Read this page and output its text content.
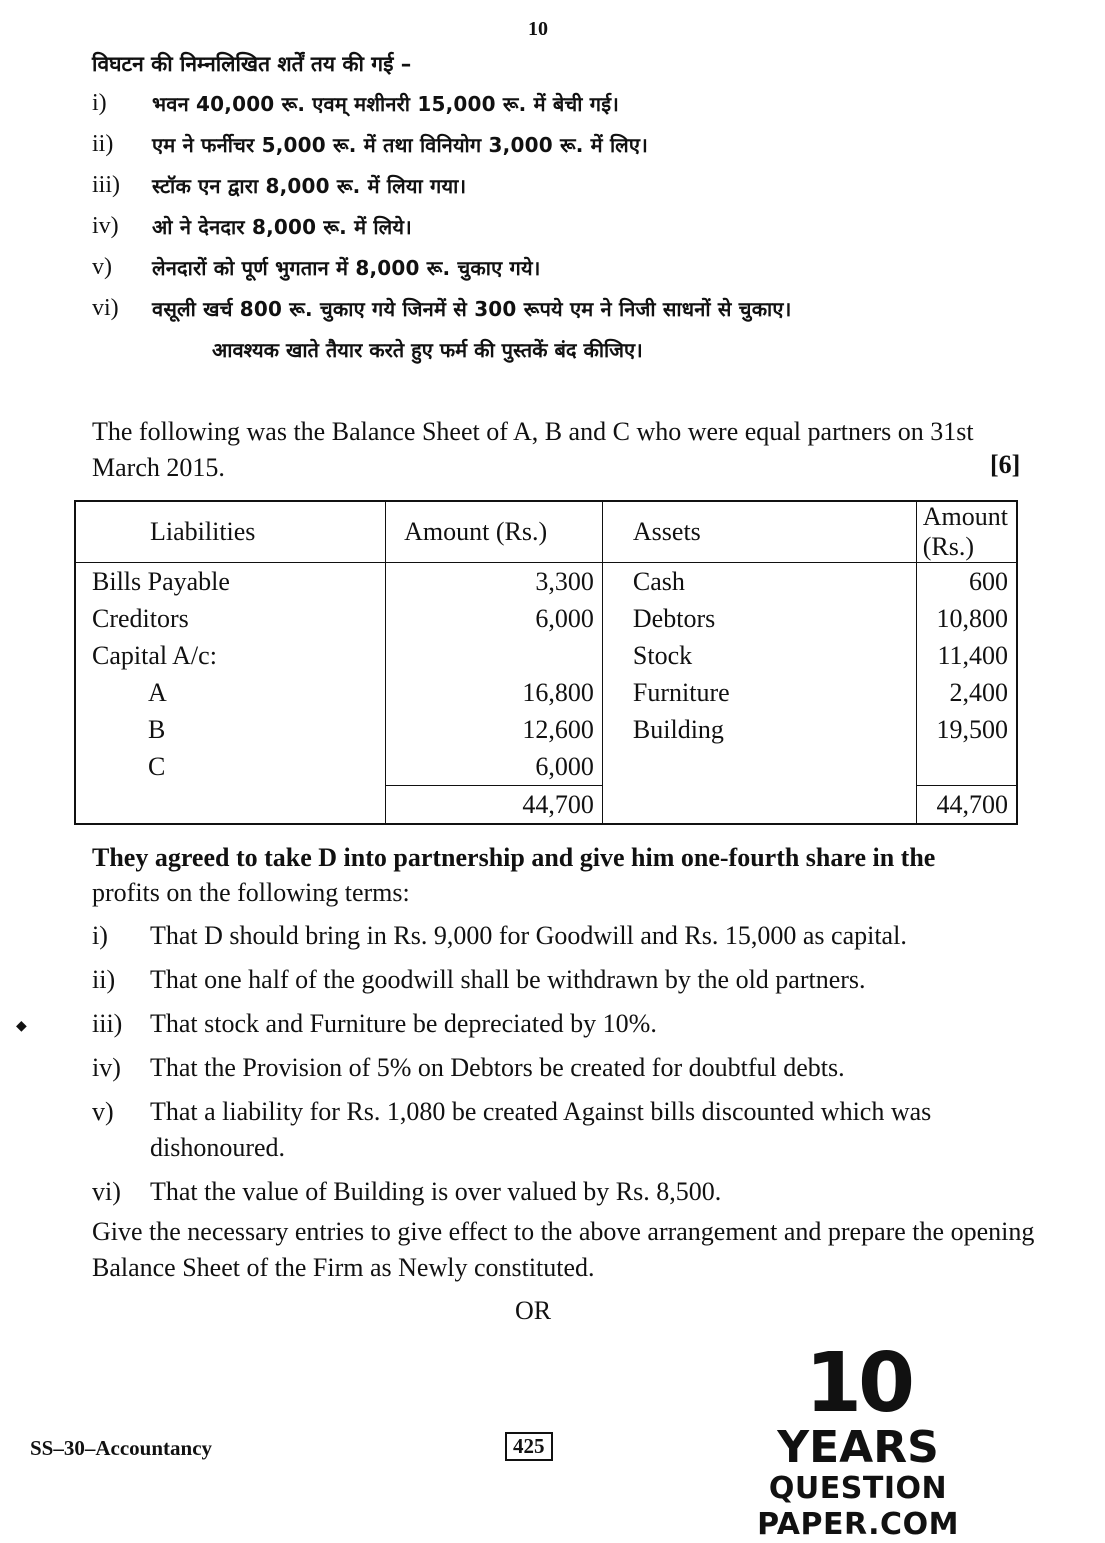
10
विघटन की निम्नलिखित शर्तें तय की गई –
i) भवन 40,000 रू. एवम् मशीनरी 15,000 रू. में बेची गई।
ii) एम ने फर्नीचर 5,000 रू. में तथा विनियोग 3,000 रू. में लिए।
iii) स्टॉक एन द्वारा 8,000 रू. में लिया गया।
iv) ओ ने देनदार 8,000 रू. में लिये।
v) लेनदारों को पूर्ण भुगतान में 8,000 रू. चुकाए गये।
vi) वसूली खर्च 800 रू. चुकाए गये जिनमें से 300 रूपये एम ने निजी साधनों से चुकाए।
आवश्यक खाते तैयार करते हुए फर्म की पुस्तकें बंद कीजिए।
The following was the Balance Sheet of A, B and C who were equal partners on 31st March 2015.	[6]
Liabilities	Amount (Rs.)	Assets	Amount (Rs.)
Bills Payable	3,300	Cash	600
Creditors	6,000	Debtors	10,800
Capital A/c:		Stock	11,400
A	16,800	Furniture	2,400
B	12,600	Building	19,500
C	6,000		
	44,700		44,700
They agreed to take D into partnership and give him one-fourth share in the
profits on the following terms:
i) That D should bring in Rs. 9,000 for Goodwill and Rs. 15,000 as capital.
ii) That one half of the goodwill shall be withdrawn by the old partners.
iii) That stock and Furniture be depreciated by 10%.
iv) That the Provision of 5% on Debtors be created for doubtful debts.
v) That a liability for Rs. 1,080 be created Against bills discounted which was dishonoured.
vi) That the value of Building is over valued by Rs. 8,500.
Give the necessary entries to give effect to the above arrangement and prepare the opening Balance Sheet of the Firm as Newly constituted.
OR
◆
SS–30–Accountancy	425
10
YEARS
QUESTION PAPER.COM
